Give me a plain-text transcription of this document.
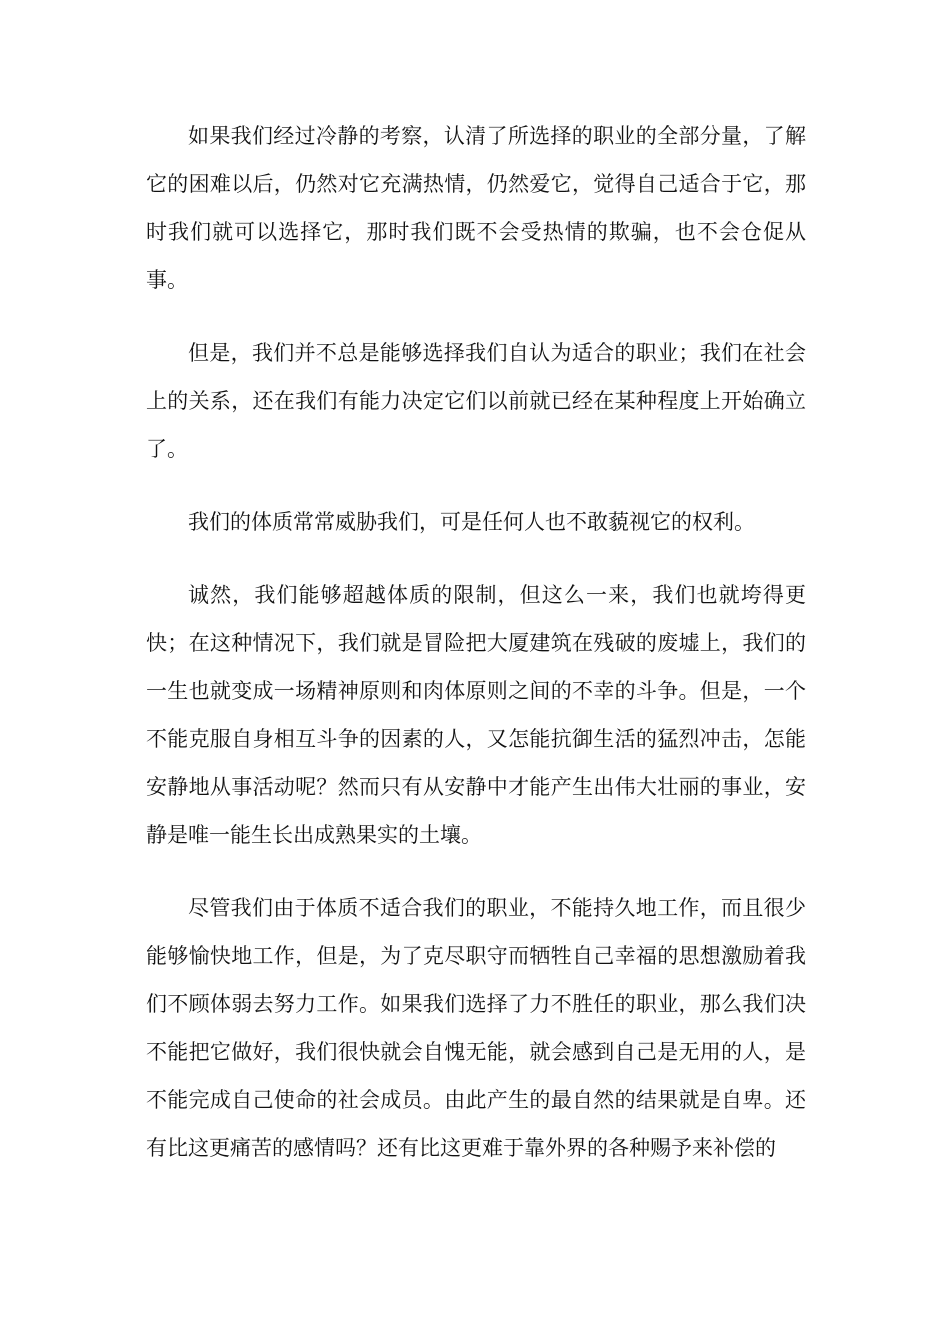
如果我们经过冷静的考察，认清了所选择的职业的全部分量，了解它的困难以后，仍然对它充满热情，仍然爱它，觉得自己适合于它，那时我们就可以选择它，那时我们既不会受热情的欺骗，也不会仓促从事。

但是，我们并不总是能够选择我们自认为适合的职业；我们在社会上的关系，还在我们有能力决定它们以前就已经在某种程度上开始确立了。

我们的体质常常威胁我们，可是任何人也不敢藐视它的权利。

诚然，我们能够超越体质的限制，但这么一来，我们也就垮得更快；在这种情况下，我们就是冒险把大厦建筑在残破的废墟上，我们的一生也就变成一场精神原则和肉体原则之间的不幸的斗争。但是，一个不能克服自身相互斗争的因素的人，又怎能抗御生活的猛烈冲击，怎能安静地从事活动呢？然而只有从安静中才能产生出伟大壮丽的事业，安静是唯一能生长出成熟果实的土壤。

尽管我们由于体质不适合我们的职业，不能持久地工作，而且很少能够愉快地工作，但是，为了克尽职守而牺牲自己幸福的思想激励着我们不顾体弱去努力工作。如果我们选择了力不胜任的职业，那么我们决不能把它做好，我们很快就会自愧无能，就会感到自己是无用的人，是不能完成自己使命的社会成员。由此产生的最自然的结果就是自卑。还有比这更痛苦的感情吗？还有比这更难于靠外界的各种赐予来补偿的
